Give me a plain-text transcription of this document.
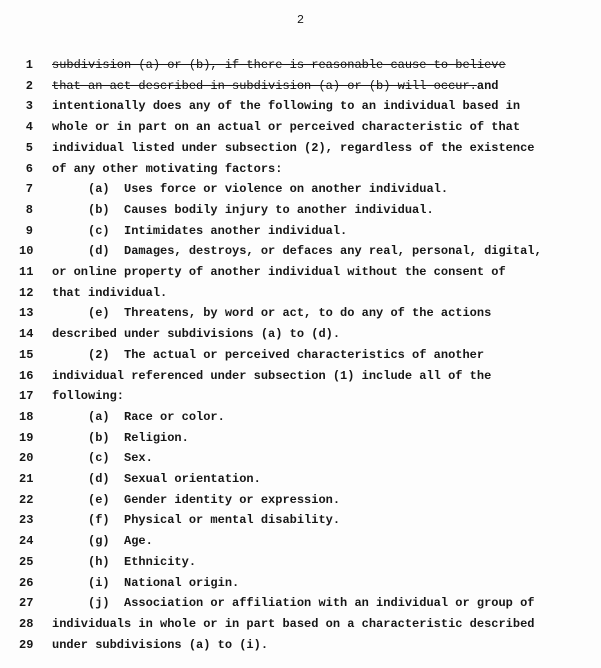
2
1 subdivision (a) or (b), if there is reasonable cause to believe
2 that an act described in subdivision (a) or (b) will occur.and
3 intentionally does any of the following to an individual based in
4 whole or in part on an actual or perceived characteristic of that
5 individual listed under subsection (2), regardless of the existence
6 of any other motivating factors:
7 (a)  Uses force or violence on another individual.
8 (b)  Causes bodily injury to another individual.
9 (c)  Intimidates another individual.
10 (d)  Damages, destroys, or defaces any real, personal, digital,
11 or online property of another individual without the consent of
12 that individual.
13 (e)  Threatens, by word or act, to do any of the actions
14 described under subdivisions (a) to (d).
15 (2)  The actual or perceived characteristics of another
16 individual referenced under subsection (1) include all of the
17 following:
18 (a)  Race or color.
19 (b)  Religion.
20 (c)  Sex.
21 (d)  Sexual orientation.
22 (e)  Gender identity or expression.
23 (f)  Physical or mental disability.
24 (g)  Age.
25 (h)  Ethnicity.
26 (i)  National origin.
27 (j)  Association or affiliation with an individual or group of
28 individuals in whole or in part based on a characteristic described
29 under subdivisions (a) to (i).
